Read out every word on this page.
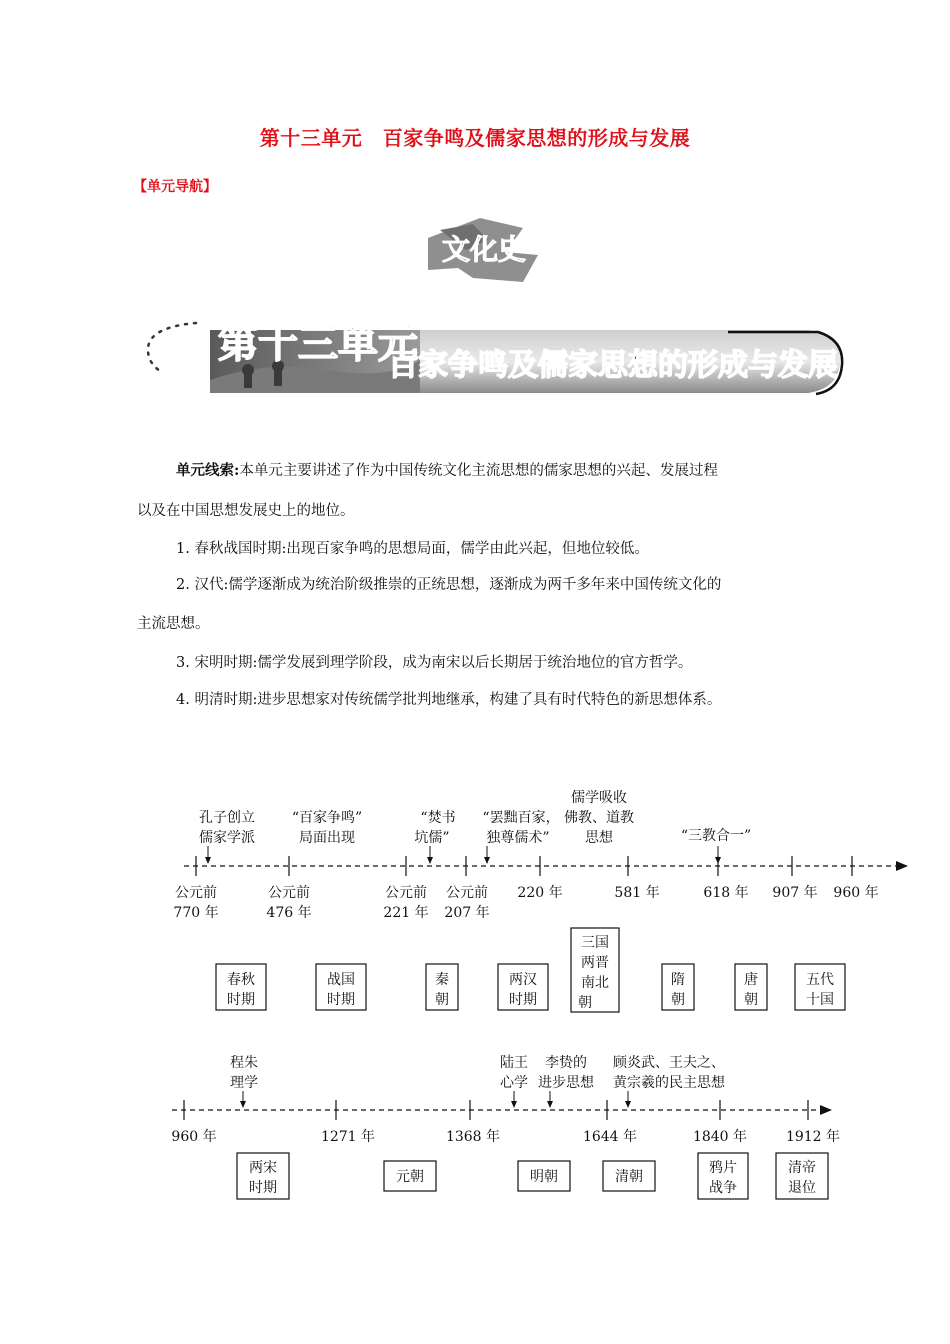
第十三单元　百家争鸣及儒家思想的形成与发展
【单元导航】
文化史
第十三单元
百家争鸣及儒家思想的形成与发展
单元线索:本单元主要讲述了作为中国传统文化主流思想的儒家思想的兴起、发展过程
以及在中国思想发展史上的地位。
1. 春秋战国时期:出现百家争鸣的思想局面，儒学由此兴起，但地位较低。
2. 汉代:儒学逐渐成为统治阶级推崇的正统思想，逐渐成为两千多年来中国传统文化的
主流思想。
3. 宋明时期:儒学发展到理学阶段，成为南宋以后长期居于统治地位的官方哲学。
4. 明清时期:进步思想家对传统儒学批判地继承，构建了具有时代特色的新思想体系。
公元前
770 年
公元前
476 年
公元前
221 年
公元前
207 年
220 年	581 年	618 年 907 年 960 年
孔子创立
儒家学派
“百家争鸣”
局面出现
“焚书
坑儒”
“罢黜百家，
独尊儒术”
儒学吸收
佛教、道教
思想	“三教合一”
春秋
时期
战国
时期
秦
朝
两汉
时期
三国
两晋
南北
朝
隋
朝
唐
朝
五代
十国
960 年	1271 年	1368 年	1644 年	1840 年	1912 年
程朱
理学
陆王
心学
李贽的
进步思想
顾炎武、王夫之、
黄宗羲的民主思想
两宋
时期
元朝	明朝	清朝
鸦片
战争
清帝
退位
